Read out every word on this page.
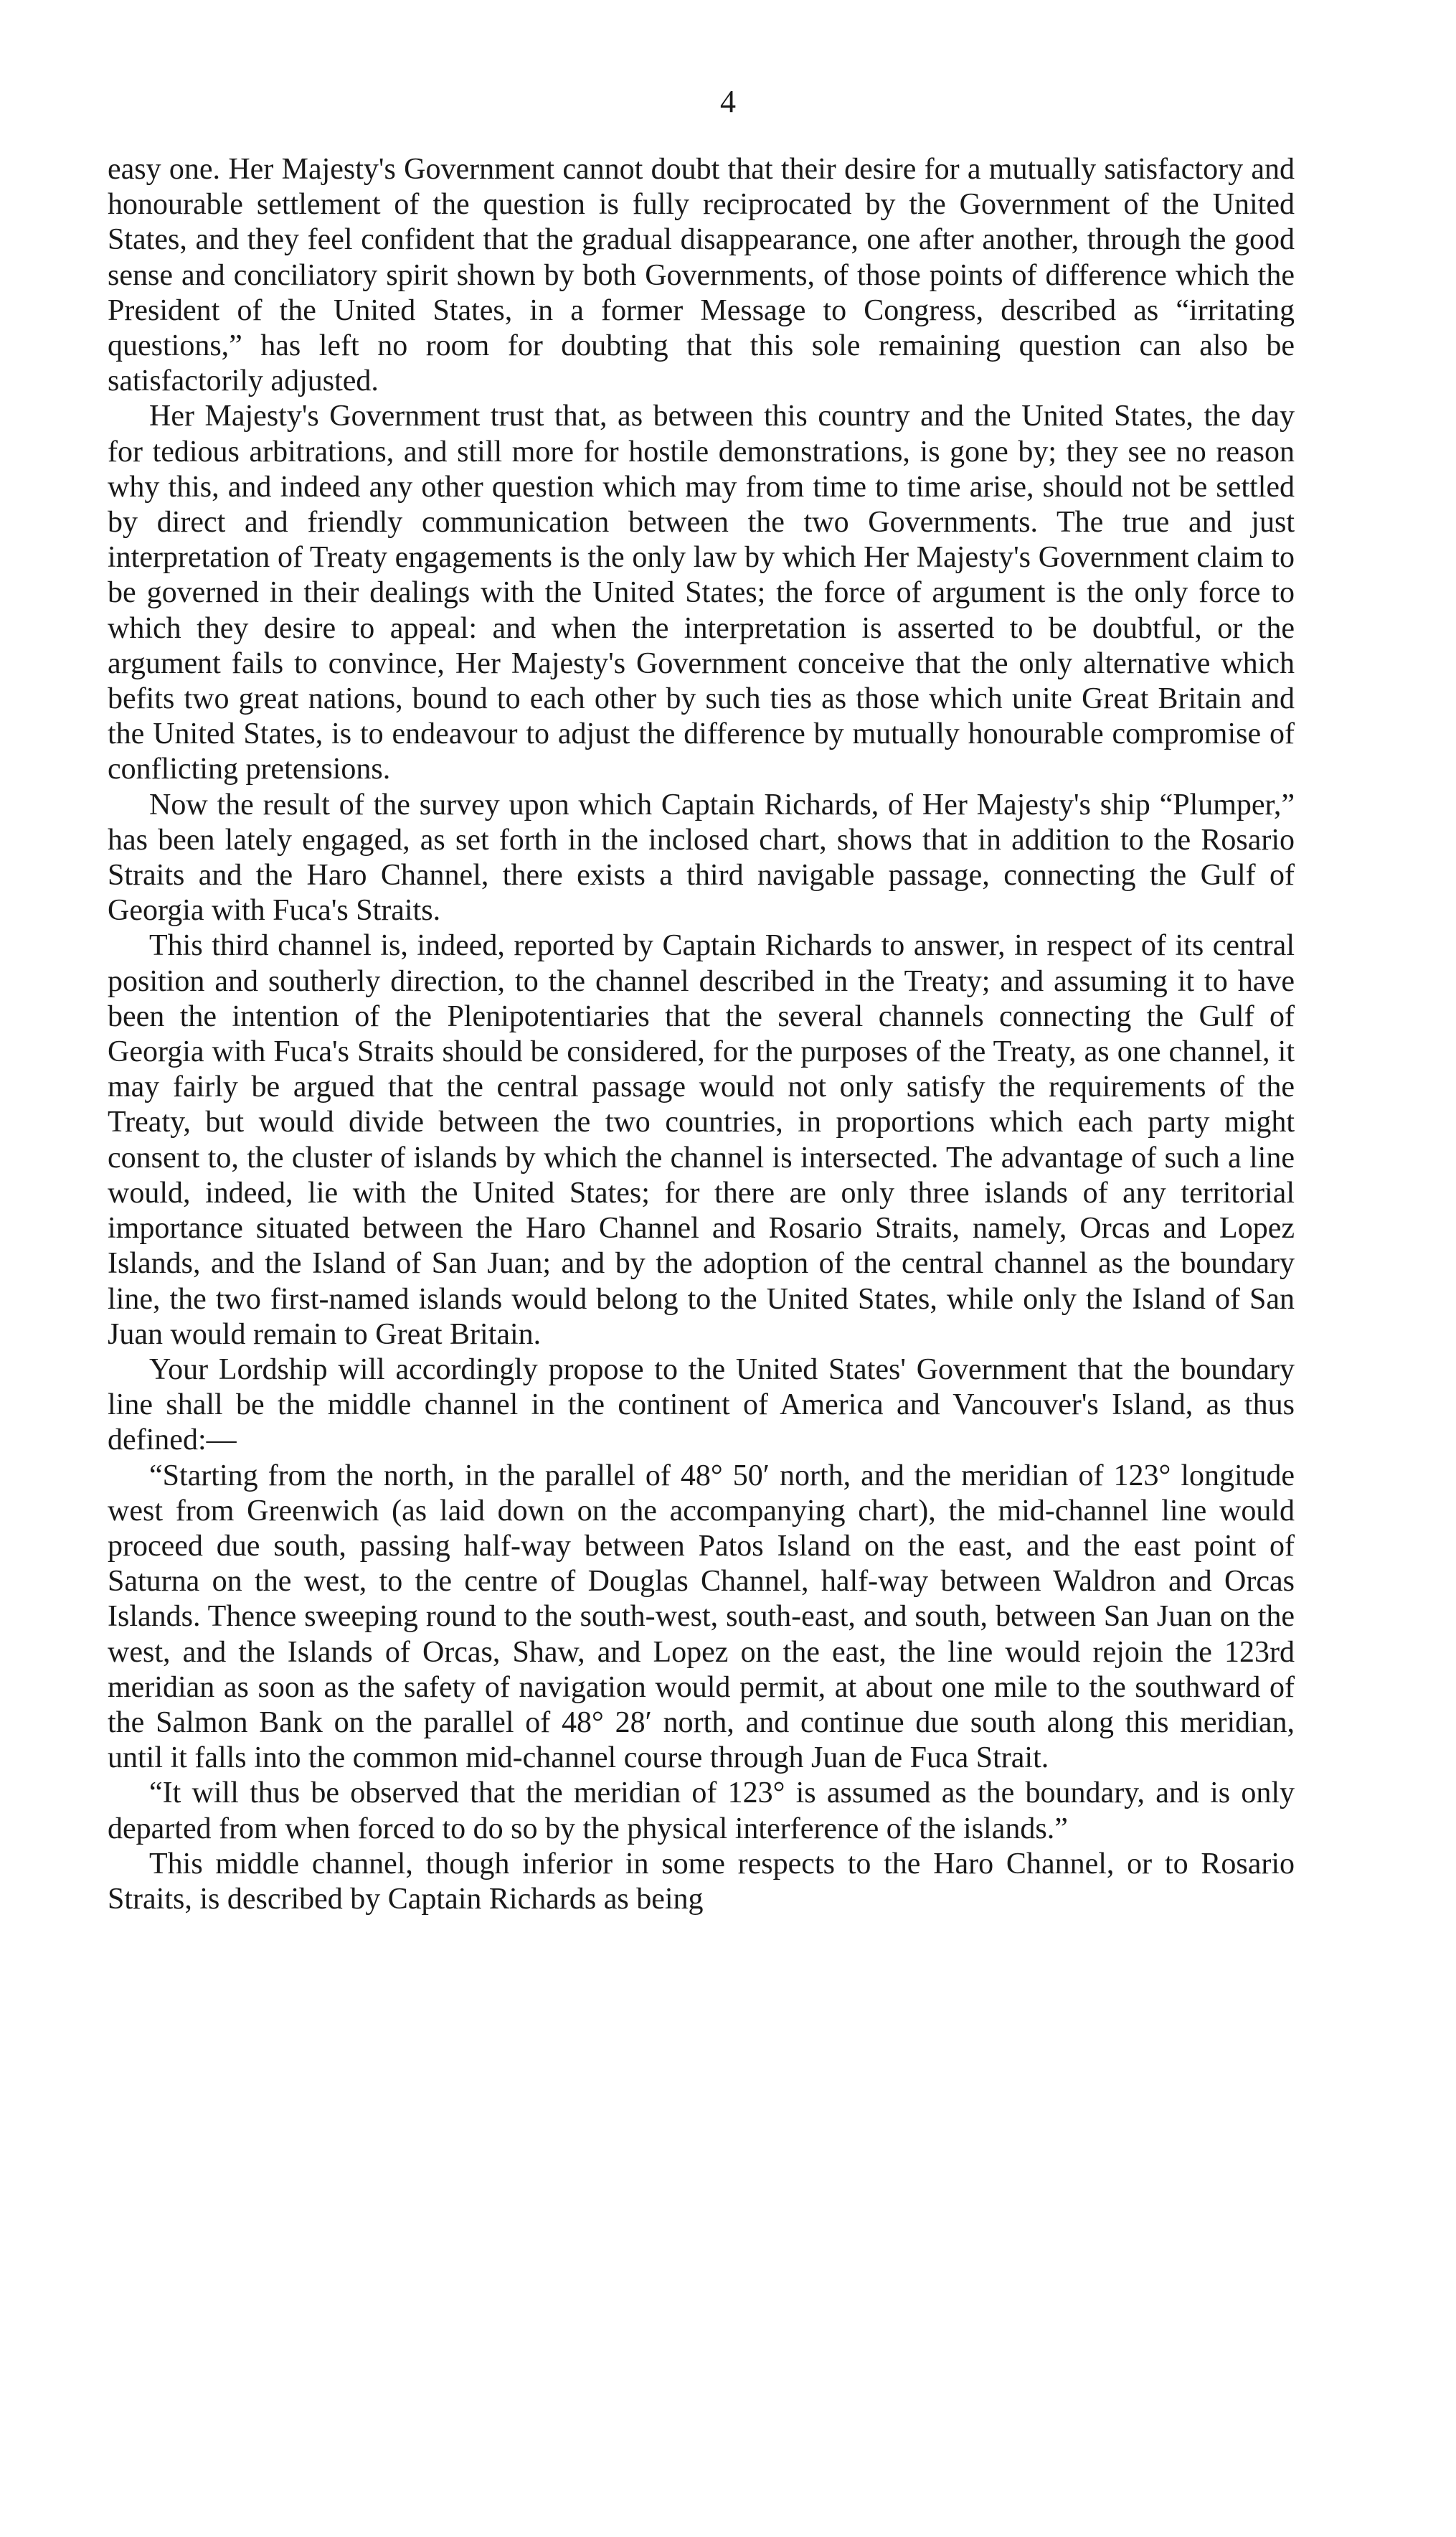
4

easy one. Her Majesty's Government cannot doubt that their desire for a mutually satisfactory and honourable settlement of the question is fully reciprocated by the Government of the United States, and they feel confident that the gradual disappearance, one after another, through the good sense and conciliatory spirit shown by both Governments, of those points of difference which the President of the United States, in a former Message to Congress, described as “irritating questions,” has left no room for doubting that this sole remaining question can also be satisfactorily adjusted.

Her Majesty's Government trust that, as between this country and the United States, the day for tedious arbitrations, and still more for hostile demonstrations, is gone by; they see no reason why this, and indeed any other question which may from time to time arise, should not be settled by direct and friendly communication between the two Governments. The true and just interpretation of Treaty engagements is the only law by which Her Majesty's Government claim to be governed in their dealings with the United States; the force of argument is the only force to which they desire to appeal: and when the interpretation is asserted to be doubtful, or the argument fails to convince, Her Majesty's Government conceive that the only alternative which befits two great nations, bound to each other by such ties as those which unite Great Britain and the United States, is to endeavour to adjust the difference by mutually honourable compromise of conflicting pretensions.

Now the result of the survey upon which Captain Richards, of Her Majesty's ship “Plumper,” has been lately engaged, as set forth in the inclosed chart, shows that in addition to the Rosario Straits and the Haro Channel, there exists a third navigable passage, connecting the Gulf of Georgia with Fuca's Straits.

This third channel is, indeed, reported by Captain Richards to answer, in respect of its central position and southerly direction, to the channel described in the Treaty; and assuming it to have been the intention of the Plenipotentiaries that the several channels connecting the Gulf of Georgia with Fuca's Straits should be considered, for the purposes of the Treaty, as one channel, it may fairly be argued that the central passage would not only satisfy the requirements of the Treaty, but would divide between the two countries, in proportions which each party might consent to, the cluster of islands by which the channel is intersected. The advantage of such a line would, indeed, lie with the United States; for there are only three islands of any territorial importance situated between the Haro Channel and Rosario Straits, namely, Orcas and Lopez Islands, and the Island of San Juan; and by the adoption of the central channel as the boundary line, the two first-named islands would belong to the United States, while only the Island of San Juan would remain to Great Britain.

Your Lordship will accordingly propose to the United States' Government that the boundary line shall be the middle channel in the continent of America and Vancouver's Island, as thus defined:—

“Starting from the north, in the parallel of 48° 50′ north, and the meridian of 123° longitude west from Greenwich (as laid down on the accompanying chart), the mid-channel line would proceed due south, passing half-way between Patos Island on the east, and the east point of Saturna on the west, to the centre of Douglas Channel, half-way between Waldron and Orcas Islands. Thence sweeping round to the south-west, south-east, and south, between San Juan on the west, and the Islands of Orcas, Shaw, and Lopez on the east, the line would rejoin the 123rd meridian as soon as the safety of navigation would permit, at about one mile to the southward of the Salmon Bank on the parallel of 48° 28′ north, and continue due south along this meridian, until it falls into the common mid-channel course through Juan de Fuca Strait.

“It will thus be observed that the meridian of 123° is assumed as the boundary, and is only departed from when forced to do so by the physical interference of the islands.”

This middle channel, though inferior in some respects to the Haro Channel, or to Rosario Straits, is described by Captain Richards as being
